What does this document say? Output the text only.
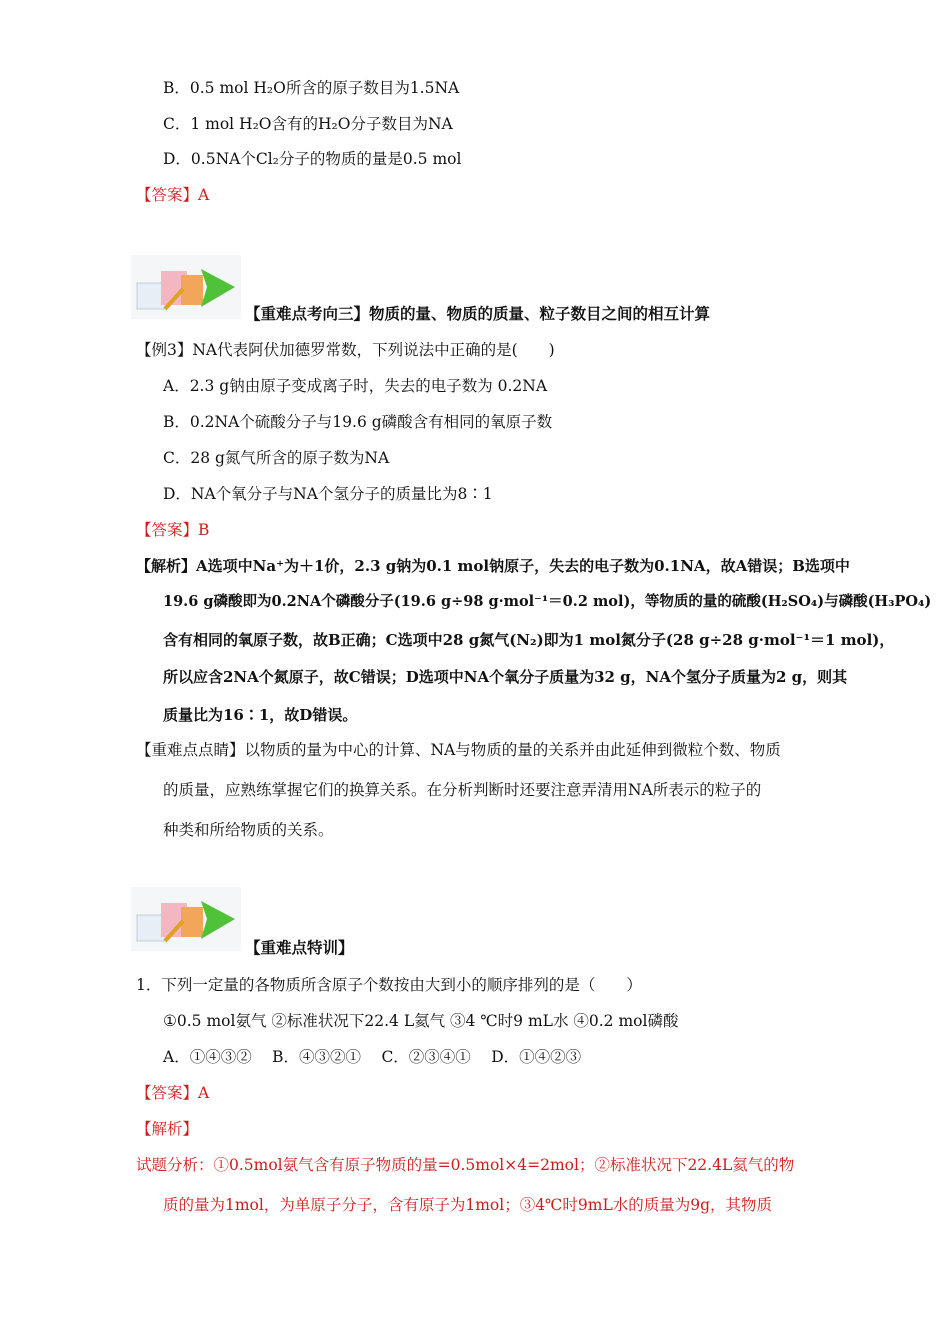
B．0.5 mol H₂O所含的原子数目为1.5NA
C．1 mol H₂O含有的H₂O分子数目为NA
D．0.5NA个Cl₂分子的物质的量是0.5 mol
【答案】A
【重难点考向三】物质的量、物质的质量、粒子数目之间的相互计算
【例3】NA代表阿伏加德罗常数，下列说法中正确的是(　　)
A．2.3 g钠由原子变成离子时，失去的电子数为 0.2NA
B．0.2NA个硫酸分子与19.6 g磷酸含有相同的氧原子数
C．28 g氮气所含的原子数为NA
D．NA个氧分子与NA个氢分子的质量比为8∶1
【答案】B
【解析】A选项中Na⁺为＋1价，2.3 g钠为0.1 mol钠原子，失去的电子数为0.1NA，故A错误；B选项中
19.6 g磷酸即为0.2NA个磷酸分子(19.6 g÷98 g·mol⁻¹＝0.2 mol)，等物质的量的硫酸(H₂SO₄)与磷酸(H₃PO₄)
含有相同的氧原子数，故B正确；C选项中28 g氮气(N₂)即为1 mol氮分子(28 g÷28 g·mol⁻¹＝1 mol)，
所以应含2NA个氮原子，故C错误；D选项中NA个氧分子质量为32 g，NA个氢分子质量为2 g，则其
质量比为16∶1，故D错误。
【重难点点睛】以物质的量为中心的计算、NA与物质的量的关系并由此延伸到微粒个数、物质
的质量，应熟练掌握它们的换算关系。在分析判断时还要注意弄清用NA所表示的粒子的
种类和所给物质的关系。
【重难点特训】
1．下列一定量的各物质所含原子个数按由大到小的顺序排列的是（　　）
①0.5 mol氨气 ②标准状况下22.4 L氦气 ③4 ℃时9 mL水 ④0.2 mol磷酸
A．①④③②　 B．④③②①　 C．②③④①　 D．①④②③
【答案】A
【解析】
试题分析：①0.5mol氨气含有原子物质的量=0.5mol×4=2mol；②标准状况下22.4L氦气的物
质的量为1mol，为单原子分子，含有原子为1mol；③4℃时9mL水的质量为9g，其物质
